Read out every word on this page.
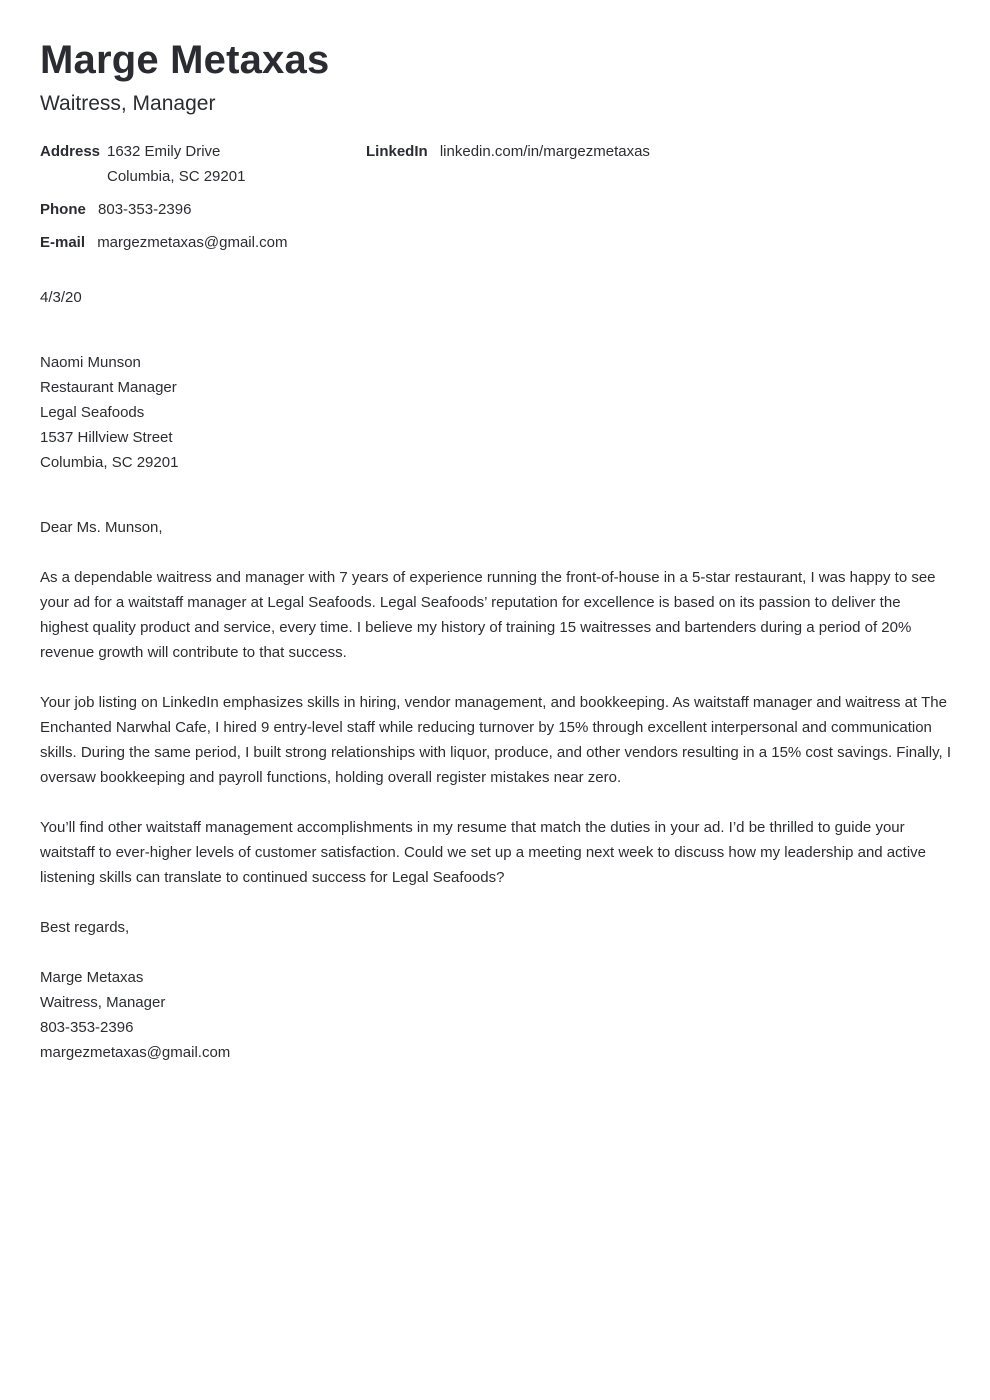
Marge Metaxas
Waitress, Manager
Address 1632 Emily Drive
Columbia, SC 29201
LinkedIn linkedin.com/in/margezmetaxas
Phone 803-353-2396
E-mail margezmetaxas@gmail.com
4/3/20
Naomi Munson
Restaurant Manager
Legal Seafoods
1537 Hillview Street
Columbia, SC 29201
Dear Ms. Munson,

As a dependable waitress and manager with 7 years of experience running the front-of-house in a 5-star restaurant, I was happy to see your ad for a waitstaff manager at Legal Seafoods. Legal Seafoods’ reputation for excellence is based on its passion to deliver the highest quality product and service, every time. I believe my history of training 15 waitresses and bartenders during a period of 20% revenue growth will contribute to that success.

Your job listing on LinkedIn emphasizes skills in hiring, vendor management, and bookkeeping. As waitstaff manager and waitress at The Enchanted Narwhal Cafe, I hired 9 entry-level staff while reducing turnover by 15% through excellent interpersonal and communication skills. During the same period, I built strong relationships with liquor, produce, and other vendors resulting in a 15% cost savings. Finally, I oversaw bookkeeping and payroll functions, holding overall register mistakes near zero.

You’ll find other waitstaff management accomplishments in my resume that match the duties in your ad. I’d be thrilled to guide your waitstaff to ever-higher levels of customer satisfaction. Could we set up a meeting next week to discuss how my leadership and active listening skills can translate to continued success for Legal Seafoods?

Best regards,
Marge Metaxas
Waitress, Manager
803-353-2396
margezmetaxas@gmail.com
